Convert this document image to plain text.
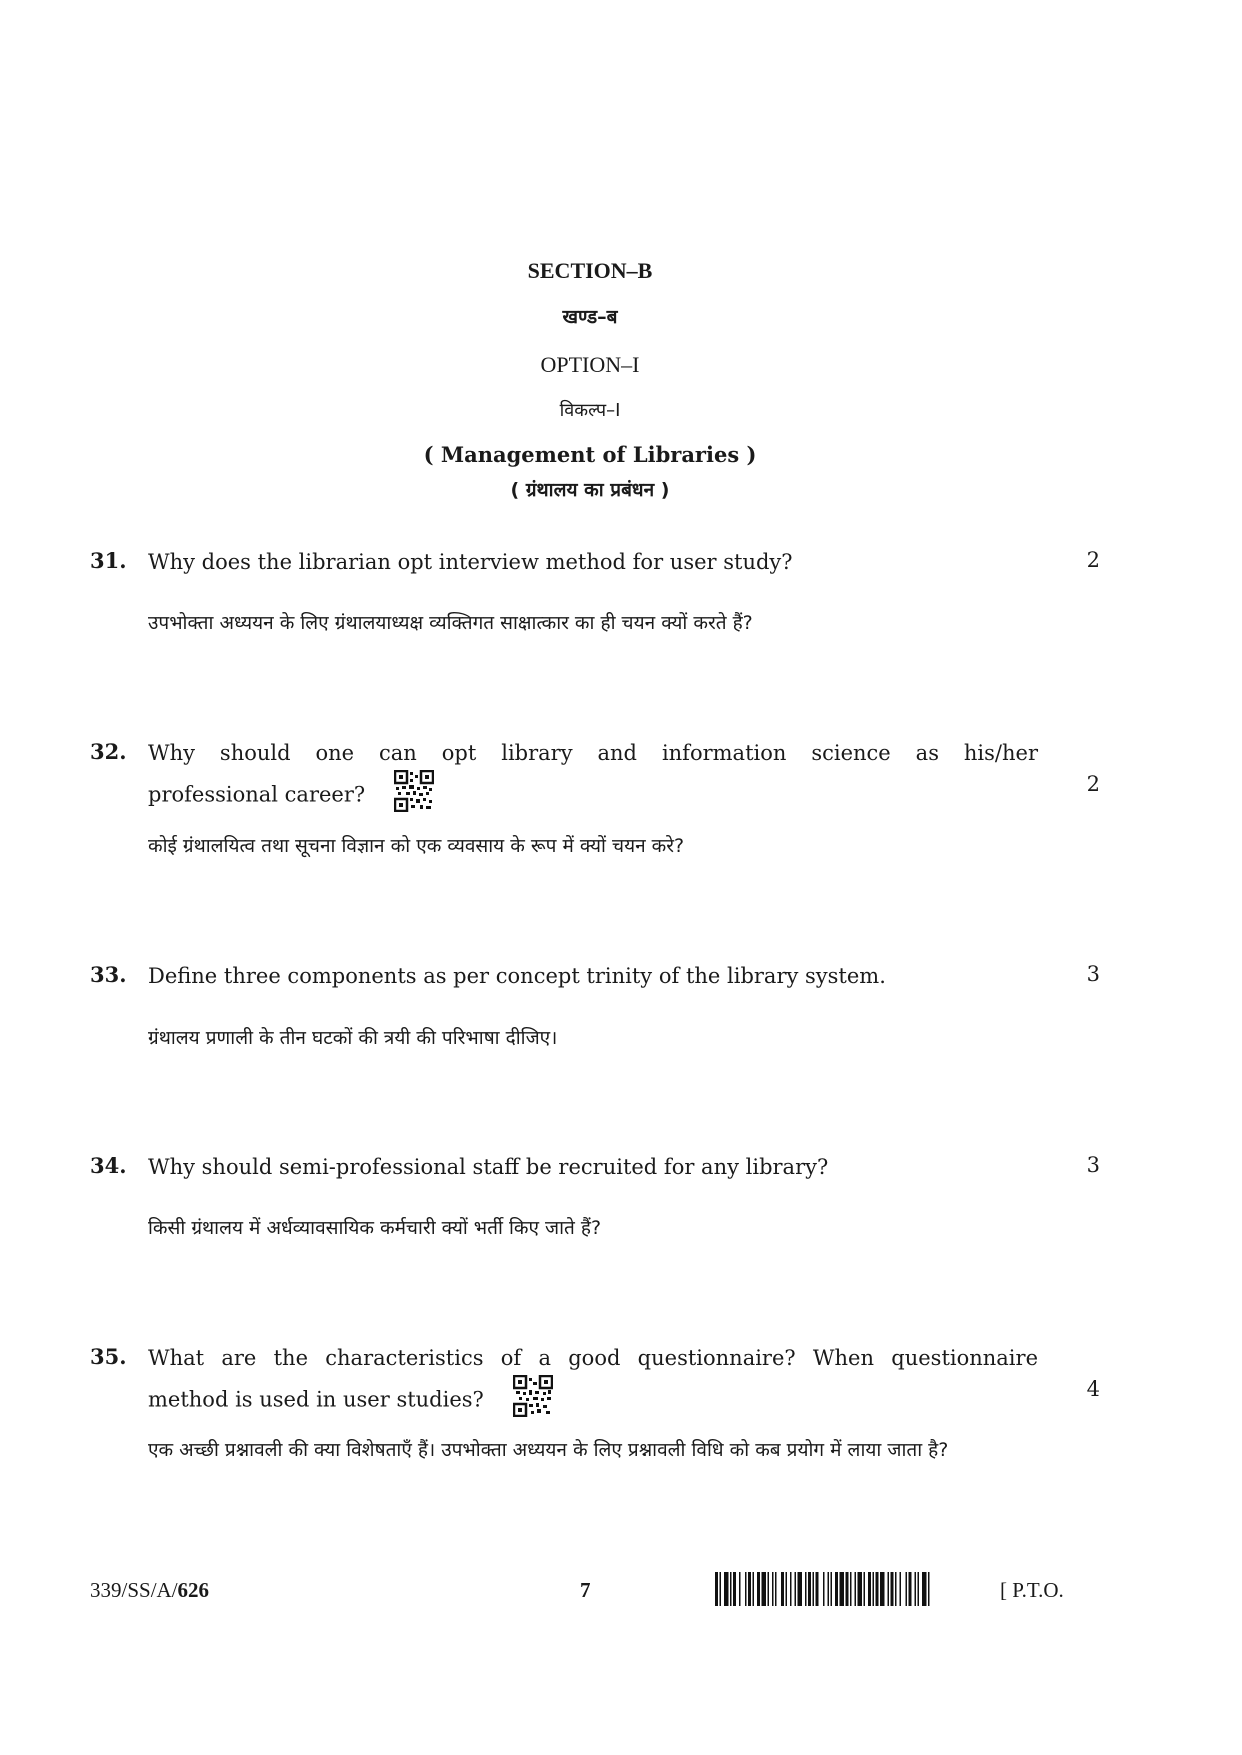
SECTION–B
खण्ड–ब
OPTION–I
विकल्प–I
( Management of Libraries )
( ग्रंथालय का प्रबंधन )
31. Why does the librarian opt interview method for user study?	2
उपभोक्ता अध्ययन के लिए ग्रंथालयाध्यक्ष व्यक्तिगत साक्षात्कार का ही चयन क्यों करते हैं?
32. Why should one can opt library and information science as his/her
professional career?	2
कोई ग्रंथालयित्व तथा सूचना विज्ञान को एक व्यवसाय के रूप में क्यों चयन करे?
33. Define three components as per concept trinity of the library system.	3
ग्रंथालय प्रणाली के तीन घटकों की त्रयी की परिभाषा दीजिए।
34. Why should semi-professional staff be recruited for any library?	3
किसी ग्रंथालय में अर्धव्यावसायिक कर्मचारी क्यों भर्ती किए जाते हैं?
35. What are the characteristics of a good questionnaire? When questionnaire
method is used in user studies?	4
एक अच्छी प्रश्नावली की क्या विशेषताएँ हैं। उपभोक्ता अध्ययन के लिए प्रश्नावली विधि को कब प्रयोग में लाया जाता है?
339/SS/A/626	7	[ P.T.O.
